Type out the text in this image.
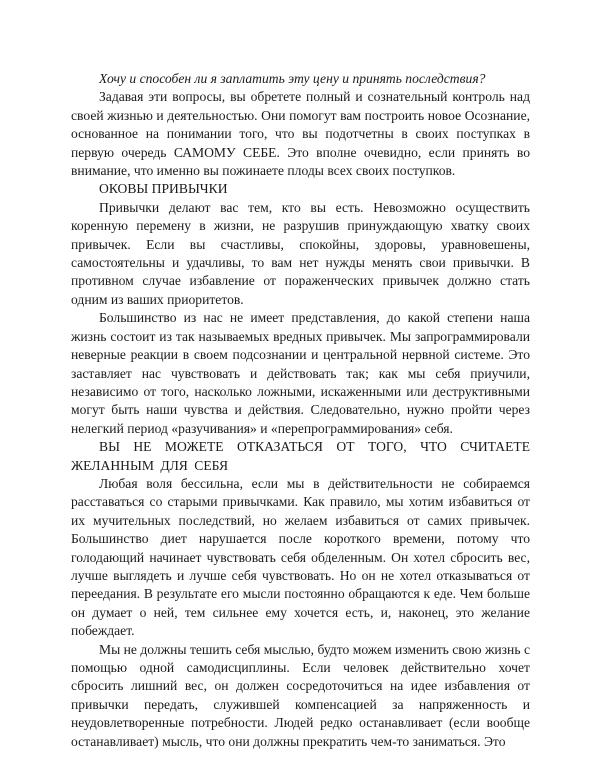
Хочу и способен ли я заплатить эту цену и принять последствия?

Задавая эти вопросы, вы обретете полный и сознательный контроль над своей жизнью и деятельностью. Они помогут вам построить новое Осознание, основанное на понимании того, что вы подотчетны в своих поступках в первую очередь САМОМУ СЕБЕ. Это вполне очевидно, если принять во внимание, что именно вы пожинаете плоды всех своих поступков.

ОКОВЫ ПРИВЫЧКИ

Привычки делают вас тем, кто вы есть. Невозможно осуществить коренную перемену в жизни, не разрушив принуждающую хватку своих привычек. Если вы счастливы, спокойны, здоровы, уравновешены, самостоятельны и удачливы, то вам нет нужды менять свои привычки. В противном случае избавление от пораженческих привычек должно стать одним из ваших приоритетов.

Большинство из нас не имеет представления, до какой степени наша жизнь состоит из так называемых вредных привычек. Мы запрограммировали неверные реакции в своем подсознании и центральной нервной системе. Это заставляет нас чувствовать и действовать так; как мы себя приучили, независимо от того, насколько ложными, искаженными или деструктивными могут быть наши чувства и действия. Следовательно, нужно пройти через нелегкий период «разучивания» и «перепрограммирования» себя.

ВЫ НЕ МОЖЕТЕ ОТКАЗАТЬСЯ ОТ ТОГО, ЧТО СЧИТАЕТЕ ЖЕЛАННЫМ ДЛЯ СЕБЯ

Любая воля бессильна, если мы в действительности не собираемся расставаться со старыми привычками. Как правило, мы хотим избавиться от их мучительных последствий, но желаем избавиться от самих привычек. Большинство диет нарушается после короткого времени, потому что голодающий начинает чувствовать себя обделенным. Он хотел сбросить вес, лучше выглядеть и лучше себя чувствовать. Но он не хотел отказываться от переедания. В результате его мысли постоянно обращаются к еде. Чем больше он думает о ней, тем сильнее ему хочется есть, и, наконец, это желание побеждает.

Мы не должны тешить себя мыслью, будто можем изменить свою жизнь с помощью одной самодисциплины. Если человек действительно хочет сбросить лишний вес, он должен сосредоточиться на идее избавления от привычки передать, служившей компенсацией за напряженность и неудовлетворенные потребности. Людей редко останавливает (если вообще останавливает) мысль, что они должны прекратить чем-то заниматься. Это
